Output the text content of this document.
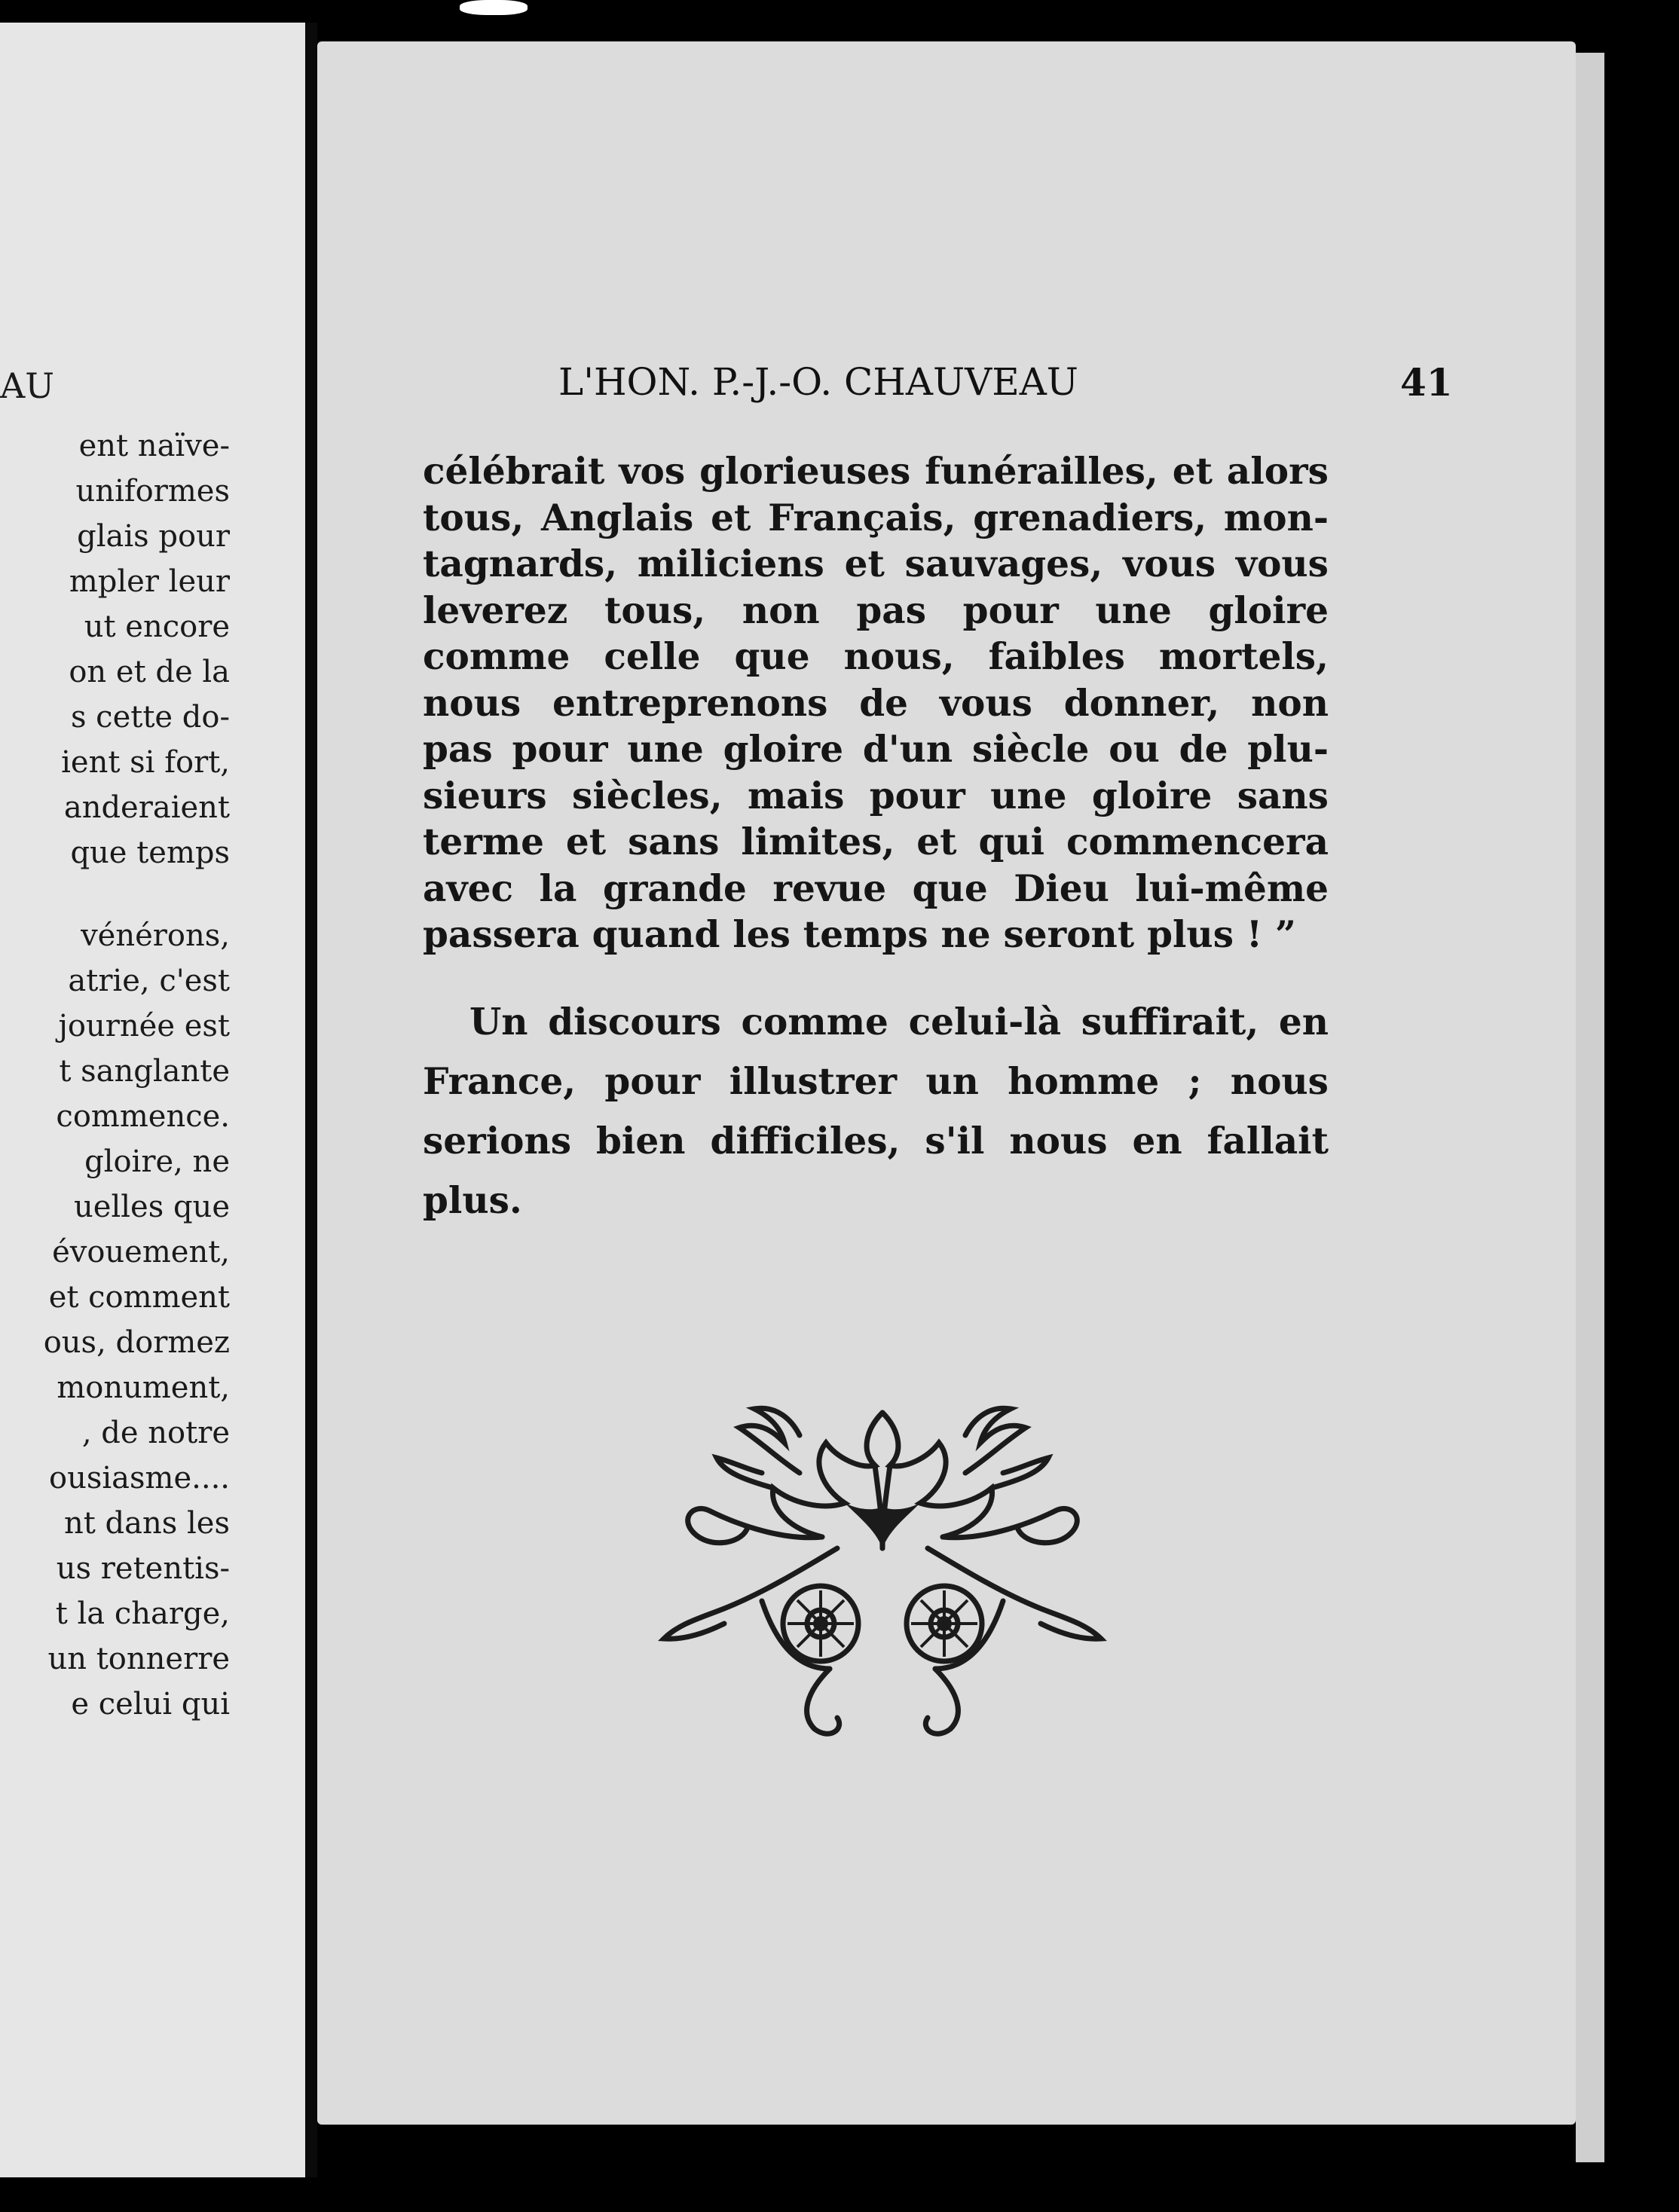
AU
ent naïve-
uniformes
glais pour
mpler leur
ut encore
on et de la
s cette do-
ient si fort,
anderaient
que temps
vénérons,
atrie, c'est
journée est
t sanglante
commence.
gloire, ne
uelles que
évouement,
et comment
ous, dormez
monument,
, de notre
ousiasme....
nt dans les
us retentis-
t la charge,
un tonnerre
e celui qui
L'HON. P.-J.-O. CHAUVEAU	41
célébrait vos glorieuses funérailles, et alors
tous, Anglais et Français, grenadiers, mon-
tagnards, miliciens et sauvages, vous vous
leverez tous, non pas pour une gloire
comme celle que nous, faibles mortels,
nous entreprenons de vous donner, non
pas pour une gloire d'un siècle ou de plu-
sieurs siècles, mais pour une gloire sans
terme et sans limites, et qui commencera
avec la grande revue que Dieu lui-même
passera quand les temps ne seront plus ! ”
Un discours comme celui-là suffirait, en
France, pour illustrer un homme ; nous
serions bien difficiles, s'il nous en fallait
plus.
